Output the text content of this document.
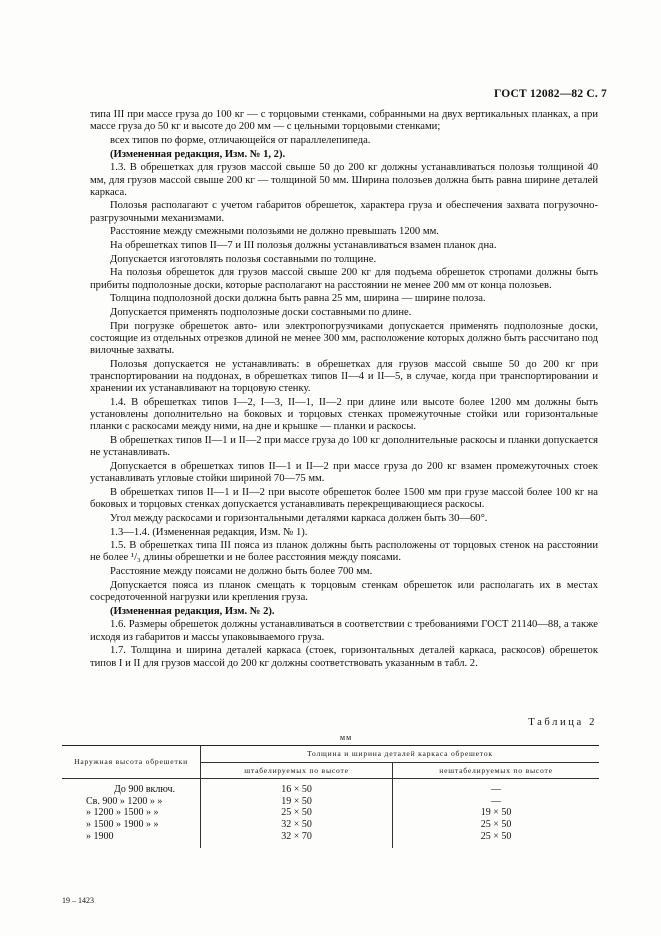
ГОСТ 12082—82 С. 7

типа III при массе груза до 100 кг — с торцовыми стенками, собранными на двух вертикальных планках, а при массе груза до 50 кг и высоте до 200 мм — с цельными торцовыми стенками;

всех типов по форме, отличающейся от параллелепипеда.

(Измененная редакция, Изм. № 1, 2).

1.3. В обрешетках для грузов массой свыше 50 до 200 кг должны устанавливаться полозья толщиной 40 мм, для грузов массой свыше 200 кг — толщиной 50 мм. Ширина полозьев должна быть равна ширине деталей каркаса.

Полозья располагают с учетом габаритов обрешеток, характера груза и обеспечения захвата погрузочно-разгрузочными механизмами.

Расстояние между смежными полозьями не должно превышать 1200 мм.

На обрешетках типов II—7 и III полозья должны устанавливаться взамен планок дна.

Допускается изготовлять полозья составными по толщине.

На полозья обрешеток для грузов массой свыше 200 кг для подъема обрешеток стропами должны быть прибиты подполозные доски, которые располагают на расстоянии не менее 200 мм от конца полозьев.

Толщина подполозной доски должна быть равна 25 мм, ширина — ширине полоза.

Допускается применять подполозные доски составными по длине.

При погрузке обрешеток авто- или электропогрузчиками допускается применять подполозные доски, состоящие из отдельных отрезков длиной не менее 300 мм, расположение которых должно быть рассчитано под вилочные захваты.

Полозья допускается не устанавливать: в обрешетках для грузов массой свыше 50 до 200 кг при транспортировании на поддонах, в обрешетках типов II—4 и II—5, в случае, когда при транспортировании и хранении их устанавливают на торцовую стенку.

1.4. В обрешетках типов I—2, I—3, II—1, II—2 при длине или высоте более 1200 мм должны быть установлены дополнительно на боковых и торцовых стенках промежуточные стойки или горизонтальные планки с раскосами между ними, на дне и крышке — планки и раскосы.

В обрешетках типов II—1 и II—2 при массе груза до 100 кг дополнительные раскосы и планки допускается не устанавливать.

Допускается в обрешетках типов II—1 и II—2 при массе груза до 200 кг взамен промежуточных стоек устанавливать угловые стойки шириной 70—75 мм.

В обрешетках типов II—1 и II—2 при высоте обрешеток более 1500 мм при грузе массой более 100 кг на боковых и торцовых стенках допускается устанавливать перекрещивающиеся раскосы.

Угол между раскосами и горизонтальными деталями каркаса должен быть 30—60°.

1.3—1.4. (Измененная редакция, Изм. № 1).

1.5. В обрешетках типа III пояса из планок должны быть расположены от торцовых стенок на расстоянии не более ¹/₃ длины обрешетки и не более расстояния между поясами.

Расстояние между поясами не должно быть более 700 мм.

Допускается пояса из планок смещать к торцовым стенкам обрешеток или располагать их в местах сосредоточенной нагрузки или крепления груза.

(Измененная редакция, Изм. № 2).

1.6. Размеры обрешеток должны устанавливаться в соответствии с требованиями ГОСТ 21140—88, а также исходя из габаритов и массы упаковываемого груза.

1.7. Толщина и ширина деталей каркаса (стоек, горизонтальных деталей каркаса, раскосов) обрешеток типов I и II для грузов массой до 200 кг должны соответствовать указанным в табл. 2.

Таблица 2
мм
Наружная высота обрешетки	Толщина и ширина деталей каркаса обрешеток	
	штабелируемых по высоте	нештабелируемых по высоте
До 900 включ.	16 × 50	—
Св. 900 » 1200 » »	19 × 50	—
» 1200 » 1500 » »	25 × 50	19 × 50
» 1500 » 1900 » »	32 × 50	25 × 50
» 1900	32 × 70	25 × 50
19 – 1423
